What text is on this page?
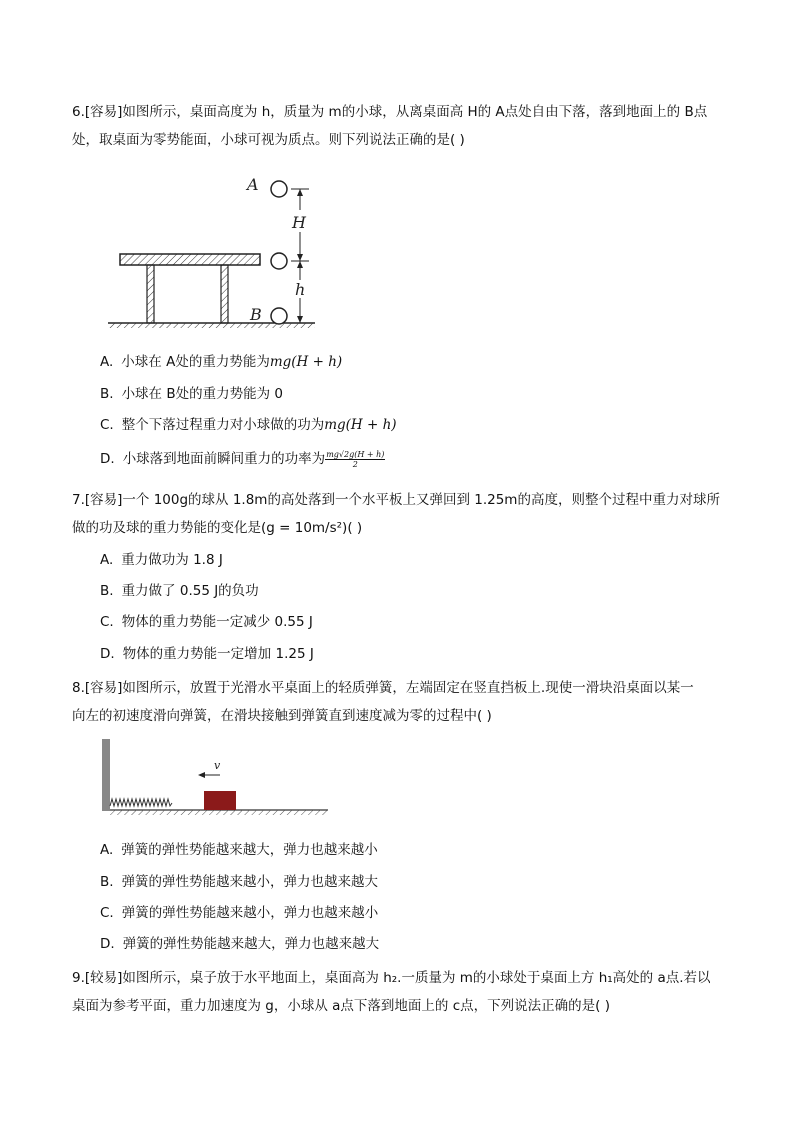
6.[容易]如图所示，桌面高度为 h，质量为 m的小球，从离桌面高 H的 A点处自由下落，落到地面上的 B点

处，取桌面为零势能面，小球可视为质点。则下列说法正确的是( )

A
H
h
B
A. 小球在 A处的重力势能为mg(H + h)
B. 小球在 B处的重力势能为 0
C. 整个下落过程重力对小球做的功为mg(H + h)
D. 小球落到地面前瞬间重力的功率为 $\frac{mg√2g(H + h)}{2}$

7.[容易]一个 100g的球从 1.8m的高处落到一个水平板上又弹回到 1.25m的高度，则整个过程中重力对球所

做的功及球的重力势能的变化是(g = 10m/s²)( )

A. 重力做功为 1.8 J
B. 重力做了 0.55 J的负功
C. 物体的重力势能一定减少 0.55 J
D. 物体的重力势能一定增加 1.25 J

8.[容易]如图所示，放置于光滑水平桌面上的轻质弹簧，左端固定在竖直挡板上.现使一滑块沿桌面以某一

向左的初速度滑向弹簧，在滑块接触到弹簧直到速度减为零的过程中( )

v
A. 弹簧的弹性势能越来越大，弹力也越来越小
B. 弹簧的弹性势能越来越小，弹力也越来越大
C. 弹簧的弹性势能越来越小，弹力也越来越小
D. 弹簧的弹性势能越来越大，弹力也越来越大

9.[较易]如图所示，桌子放于水平地面上，桌面高为 h₂.一质量为 m的小球处于桌面上方 h₁高处的 a点.若以

桌面为参考平面，重力加速度为 g，小球从 a点下落到地面上的 c点，下列说法正确的是( )
